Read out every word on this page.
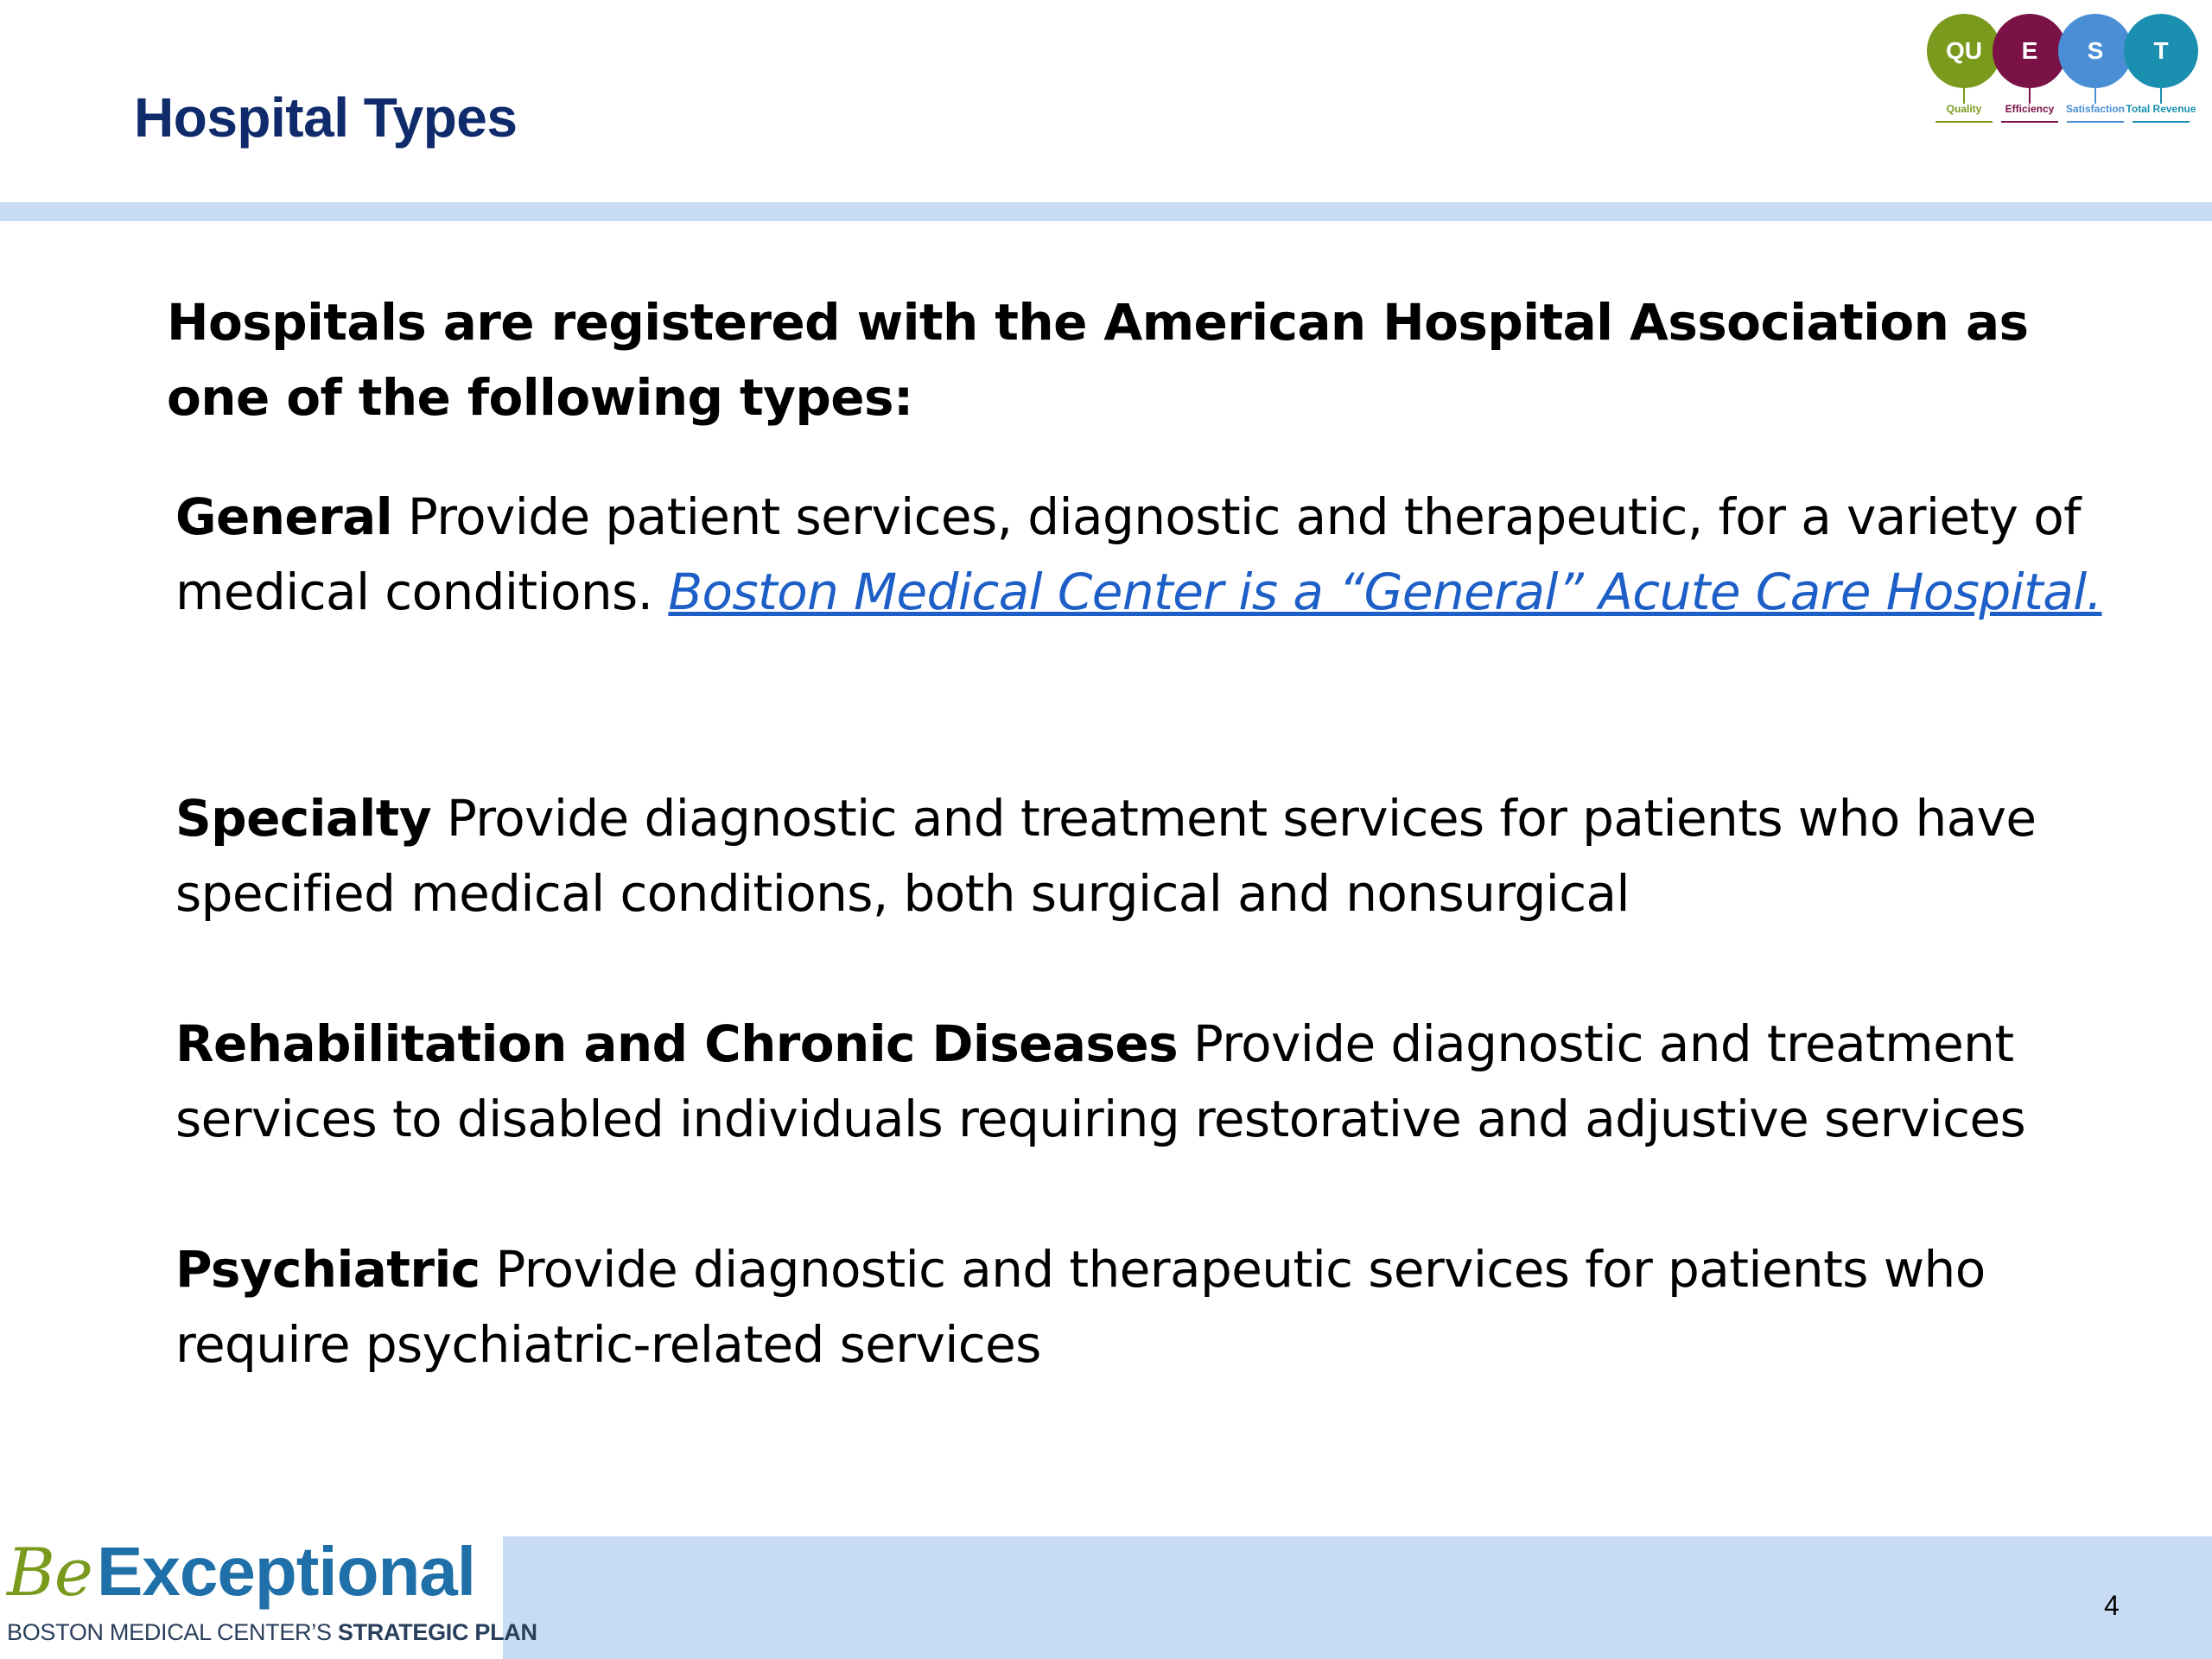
Hospital Types
QU	E	S	T
Quality	Efficiency	Satisfaction Total Revenue

Hospitals are registered with the American Hospital Association as one of the following types:

General Provide patient services, diagnostic and therapeutic, for a variety of medical conditions. Boston Medical Center is a “General” Acute Care Hospital.

Specialty Provide diagnostic and treatment services for patients who have specified medical conditions, both surgical and nonsurgical

Rehabilitation and Chronic Diseases Provide diagnostic and treatment services to disabled individuals requiring restorative and adjustive services

Psychiatric Provide diagnostic and therapeutic services for patients who require psychiatric-related services

Be Exceptional
BOSTON MEDICAL CENTER’S STRATEGIC PLAN
4
